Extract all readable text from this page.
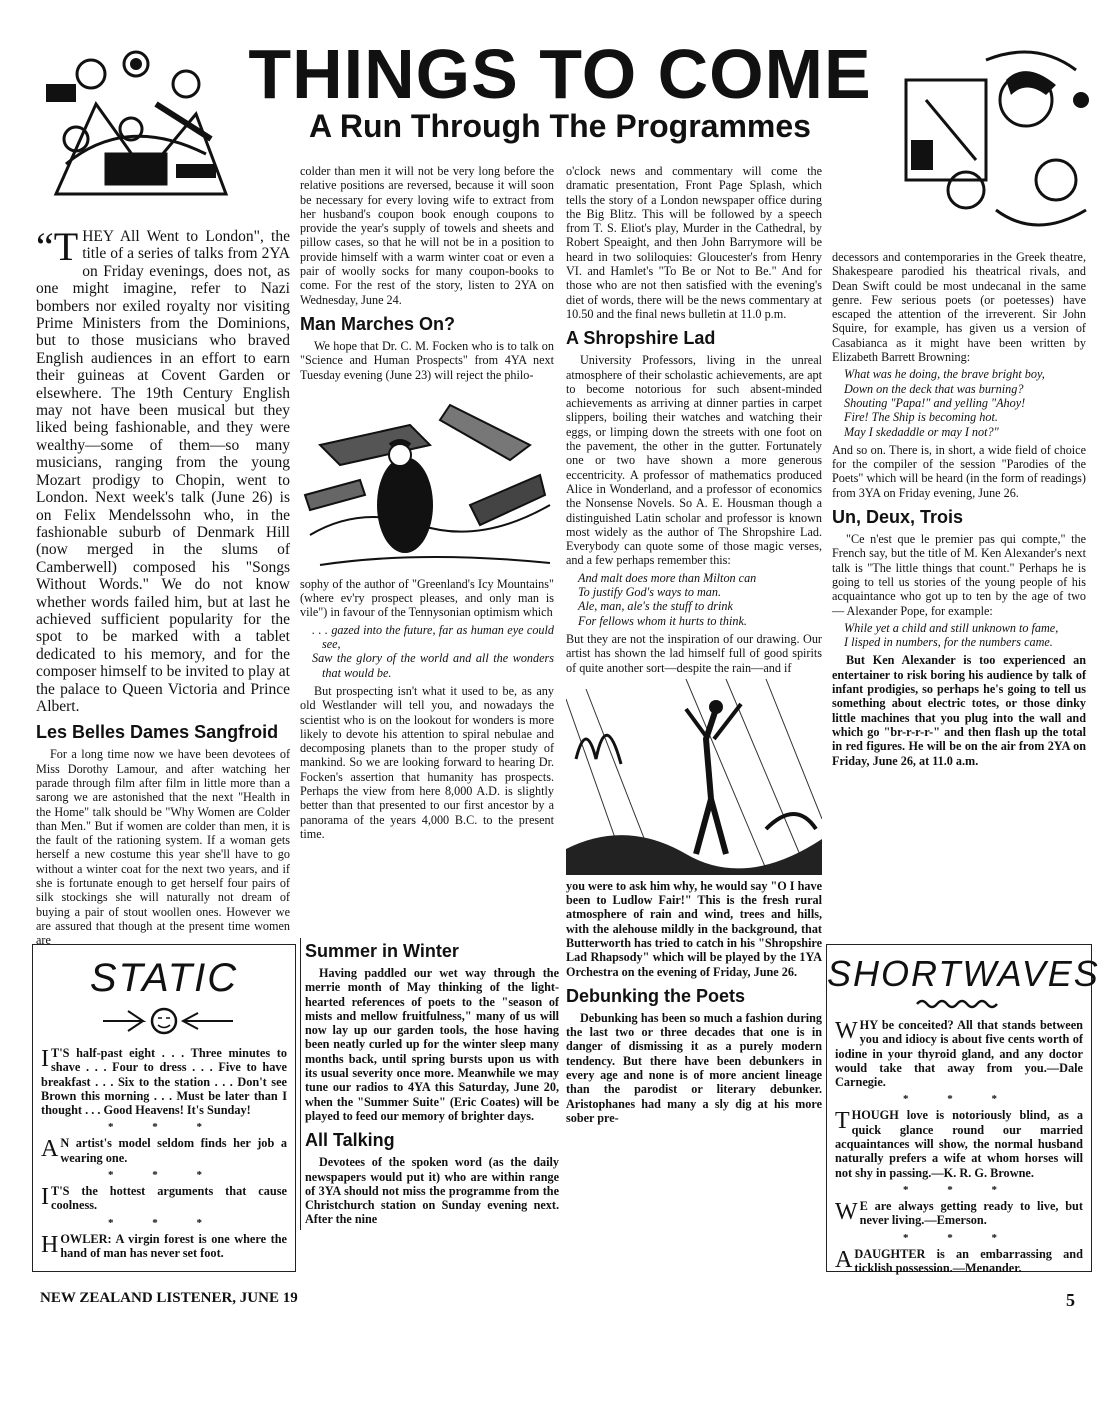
THINGS TO COME
A Run Through The Programmes

“THEY All Went to London", the title of a series of talks from 2YA on Friday evenings, does not, as one might imagine, refer to Nazi bombers nor exiled royalty nor visiting Prime Ministers from the Dominions, but to those musicians who braved English audiences in an effort to earn their guineas at Covent Garden or elsewhere. The 19th Century English may not have been musical but they liked being fashionable, and they were wealthy—some of them—so many musicians, ranging from the young Mozart prodigy to Chopin, went to London. Next week's talk (June 26) is on Felix Mendelssohn who, in the fashionable suburb of Denmark Hill (now merged in the slums of Camberwell) composed his "Songs Without Words." We do not know whether words failed him, but at last he achieved sufficient popularity for the spot to be marked with a tablet dedicated to his memory, and for the composer himself to be invited to play at the palace to Queen Victoria and Prince Albert.

Les Belles Dames Sangfroid

For a long time now we have been devotees of Miss Dorothy Lamour, and after watching her parade through film after film in little more than a sarong we are astonished that the next "Health in the Home" talk should be "Why Women are Colder than Men." But if women are colder than men, it is the fault of the rationing system. If a woman gets herself a new costume this year she'll have to go without a winter coat for the next two years, and if she is fortunate enough to get herself four pairs of silk stockings she will naturally not dream of buying a pair of stout woollen ones. However we are assured that though at the present time women are

STATIC
I T'S half-past eight . . . Three minutes to shave . . . Four to dress . . . Five to have breakfast . . . Six to the station . . . Don't see Brown this morning . . . Must be later than I thought . . . Good Heavens! It's Sunday!
* * *
A N artist's model seldom finds her job a wearing one.
* * *
I T'S the hottest arguments that cause coolness.
* * *
HOWLER: A virgin forest is one where the hand of man has never set foot.

colder than men it will not be very long before the relative positions are reversed, because it will soon be necessary for every loving wife to extract from her husband's coupon book enough coupons to provide the year's supply of towels and sheets and pillow cases, so that he will not be in a position to provide himself with a warm winter coat or even a pair of woolly socks for many coupon-books to come. For the rest of the story, listen to 2YA on Wednesday, June 24.

Man Marches On?

We hope that Dr. C. M. Focken who is to talk on "Science and Human Prospects" from 4YA next Tuesday evening (June 23) will reject the philo-

sophy of the author of "Greenland's Icy Mountains" (where ev'ry prospect pleases, and only man is vile") in favour of the Tennysonian optimism which

. . . gazed into the future, far as human eye could see,
Saw the glory of the world and all the wonders that would be.

But prospecting isn't what it used to be, as any old Westlander will tell you, and nowadays the scientist who is on the lookout for wonders is more likely to devote his attention to spiral nebulae and decomposing planets than to the proper study of mankind. So we are looking forward to hearing Dr. Focken's assertion that humanity has prospects. Perhaps the view from here 8,000 A.D. is slightly better than that presented to our first ancestor by a panorama of the years 4,000 B.C. to the present time.

Summer in Winter

Having paddled our wet way through the merrie month of May thinking of the light-hearted references of poets to the "season of mists and mellow fruitfulness," many of us will now lay up our garden tools, the hose having been neatly curled up for the winter sleep many months back, until spring bursts upon us with its usual severity once more. Meanwhile we may tune our radios to 4YA this Saturday, June 20, when the "Summer Suite" (Eric Coates) will be played to feed our memory of brighter days.

All Talking

Devotees of the spoken word (as the daily newspapers would put it) who are within range of 3YA should not miss the programme from the Christchurch station on Sunday evening next. After the nine

o'clock news and commentary will come the dramatic presentation, Front Page Splash, which tells the story of a London newspaper office during the Big Blitz. This will be followed by a speech from T. S. Eliot's play, Murder in the Cathedral, by Robert Speaight, and then John Barrymore will be heard in two soliloquies: Gloucester's from Henry VI. and Hamlet's "To Be or Not to Be." And for those who are not then satisfied with the evening's diet of words, there will be the news commentary at 10.50 and the final news bulletin at 11.0 p.m.

A Shropshire Lad

University Professors, living in the unreal atmosphere of their scholastic achievements, are apt to become notorious for such absent-minded achievements as arriving at dinner parties in carpet slippers, boiling their watches and watching their eggs, or limping down the streets with one foot on the pavement, the other in the gutter. Fortunately one or two have shown a more generous eccentricity. A professor of mathematics produced Alice in Wonderland, and a professor of economics the Nonsense Novels. So A. E. Housman though a distinguished Latin scholar and professor is known most widely as the author of The Shropshire Lad. Everybody can quote some of those magic verses, and a few perhaps remember this:

And malt does more than Milton can
To justify God's ways to man.
Ale, man, ale's the stuff to drink
For fellows whom it hurts to think.

But they are not the inspiration of our drawing. Our artist has shown the lad himself full of good spirits of quite another sort—despite the rain—and if

you were to ask him why, he would say "O I have been to Ludlow Fair!" This is the fresh rural atmosphere of rain and wind, trees and hills, with the alehouse mildly in the background, that Butterworth has tried to catch in his "Shropshire Lad Rhapsody" which will be played by the 1YA Orchestra on the evening of Friday, June 26.

Debunking the Poets

Debunking has been so much a fashion during the last two or three decades that one is in danger of dismissing it as a purely modern tendency. But there have been debunkers in every age and none is of more ancient lineage than the parodist or literary debunker. Aristophanes had many a sly dig at his more sober pre-

decessors and contemporaries in the Greek theatre, Shakespeare parodied his theatrical rivals, and Dean Swift could be most undecanal in the same genre. Few serious poets (or poetesses) have escaped the attention of the irreverent. Sir John Squire, for example, has given us a version of Casabianca as it might have been written by Elizabeth Barrett Browning:

What was he doing, the brave bright boy,
Down on the deck that was burning?
Shouting "Papa!" and yelling "Ahoy!
Fire! The Ship is becoming hot.
May I skedaddle or may I not?"

And so on. There is, in short, a wide field of choice for the compiler of the session "Parodies of the Poets" which will be heard (in the form of readings) from 3YA on Friday evening, June 26.

Un, Deux, Trois

"Ce n'est que le premier pas qui compte," the French say, but the title of M. Ken Alexander's next talk is "The little things that count." Perhaps he is going to tell us stories of the young people of his acquaintance who got up to ten by the age of two — Alexander Pope, for example:

While yet a child and still unknown to fame,
I lisped in numbers, for the numbers came.

But Ken Alexander is too experienced an entertainer to risk boring his audience by talk of infant prodigies, so perhaps he's going to tell us something about electric totes, or those dinky little machines that you plug into the wall and which go "br-r-r-r-" and then flash up the total in red figures. He will be on the air from 2YA on Friday, June 26, at 11.0 a.m.

SHORTWAVES
WHY be conceited? All that stands between you and idiocy is about five cents worth of iodine in your thyroid gland, and any doctor would take that away from you.—Dale Carnegie.
* * *
THOUGH love is notoriously blind, as a quick glance round our married acquaintances will show, the normal husband naturally prefers a wife at whom horses will not shy in passing.—K. R. G. Browne.
* * *
W E are always getting ready to live, but never living.—Emerson.
* * *
A DAUGHTER is an embarrassing and ticklish possession.—Menander.
NEW ZEALAND LISTENER, JUNE 19	5
